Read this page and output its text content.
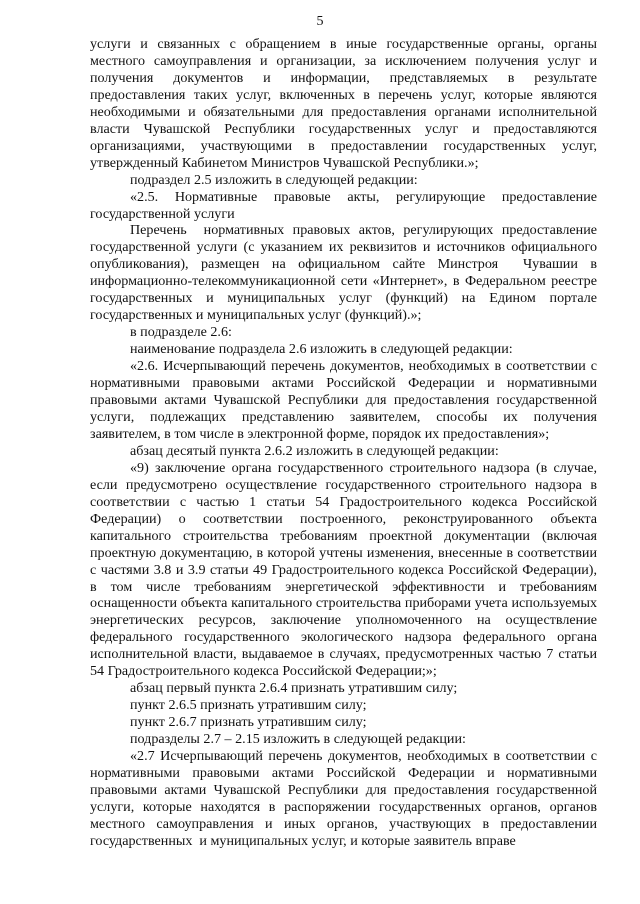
5

услуги и связанных с обращением в иные государственные органы, органы местного самоуправления и организации, за исключением получения услуг и получения документов и информации, представляемых в результате предоставления таких услуг, включенных в перечень услуг, которые являются необходимыми и обязательными для предоставления органами исполнительной власти Чувашской Республики государственных услуг и предоставляются организациями, участвующими в предоставлении государственных услуг, утвержденный Кабинетом Министров Чувашской Республики.»;

подраздел 2.5 изложить в следующей редакции:

«2.5. Нормативные правовые акты, регулирующие предоставление государственной услуги

Перечень  нормативных правовых актов, регулирующих предоставление государственной услуги (с указанием их реквизитов и источников официального опубликования), размещен на официальном сайте Минстроя  Чувашии в информационно-телекоммуникационной сети «Интернет», в Федеральном реестре государственных и муниципальных услуг (функций) на Едином портале государственных и муниципальных услуг (функций).»;

в подразделе 2.6:

наименование подраздела 2.6 изложить в следующей редакции:

«2.6. Исчерпывающий перечень документов, необходимых в соответствии с нормативными правовыми актами Российской Федерации и нормативными правовыми актами Чувашской Республики для предоставления государственной услуги, подлежащих представлению заявителем, способы их получения заявителем, в том числе в электронной форме, порядок их предоставления»;

абзац десятый пункта 2.6.2 изложить в следующей редакции:

«9) заключение органа государственного строительного надзора (в случае, если предусмотрено осуществление государственного строительного надзора в соответствии с частью 1 статьи 54 Градостроительного кодекса Российской Федерации) о соответствии построенного, реконструированного объекта капитального строительства требованиям проектной документации (включая проектную документацию, в которой учтены изменения, внесенные в соответствии с частями 3.8 и 3.9 статьи 49 Градостроительного кодекса Российской Федерации), в том числе требованиям энергетической эффективности и требованиям оснащенности объекта капитального строительства приборами учета используемых энергетических ресурсов, заключение уполномоченного на осуществление федерального государственного экологического надзора федерального органа исполнительной власти, выдаваемое в случаях, предусмотренных частью 7 статьи 54 Градостроительного кодекса Российской Федерации;»;

абзац первый пункта 2.6.4 признать утратившим силу;

пункт 2.6.5 признать утратившим силу;

пункт 2.6.7 признать утратившим силу;

подразделы 2.7 – 2.15 изложить в следующей редакции:

«2.7 Исчерпывающий перечень документов, необходимых в соответствии с нормативными правовыми актами Российской Федерации и нормативными правовыми актами Чувашской Республики для предоставления государственной услуги, которые находятся в распоряжении государственных органов, органов местного самоуправления и иных органов, участвующих в предоставлении государственных  и муниципальных услуг, и которые заявитель вправе
